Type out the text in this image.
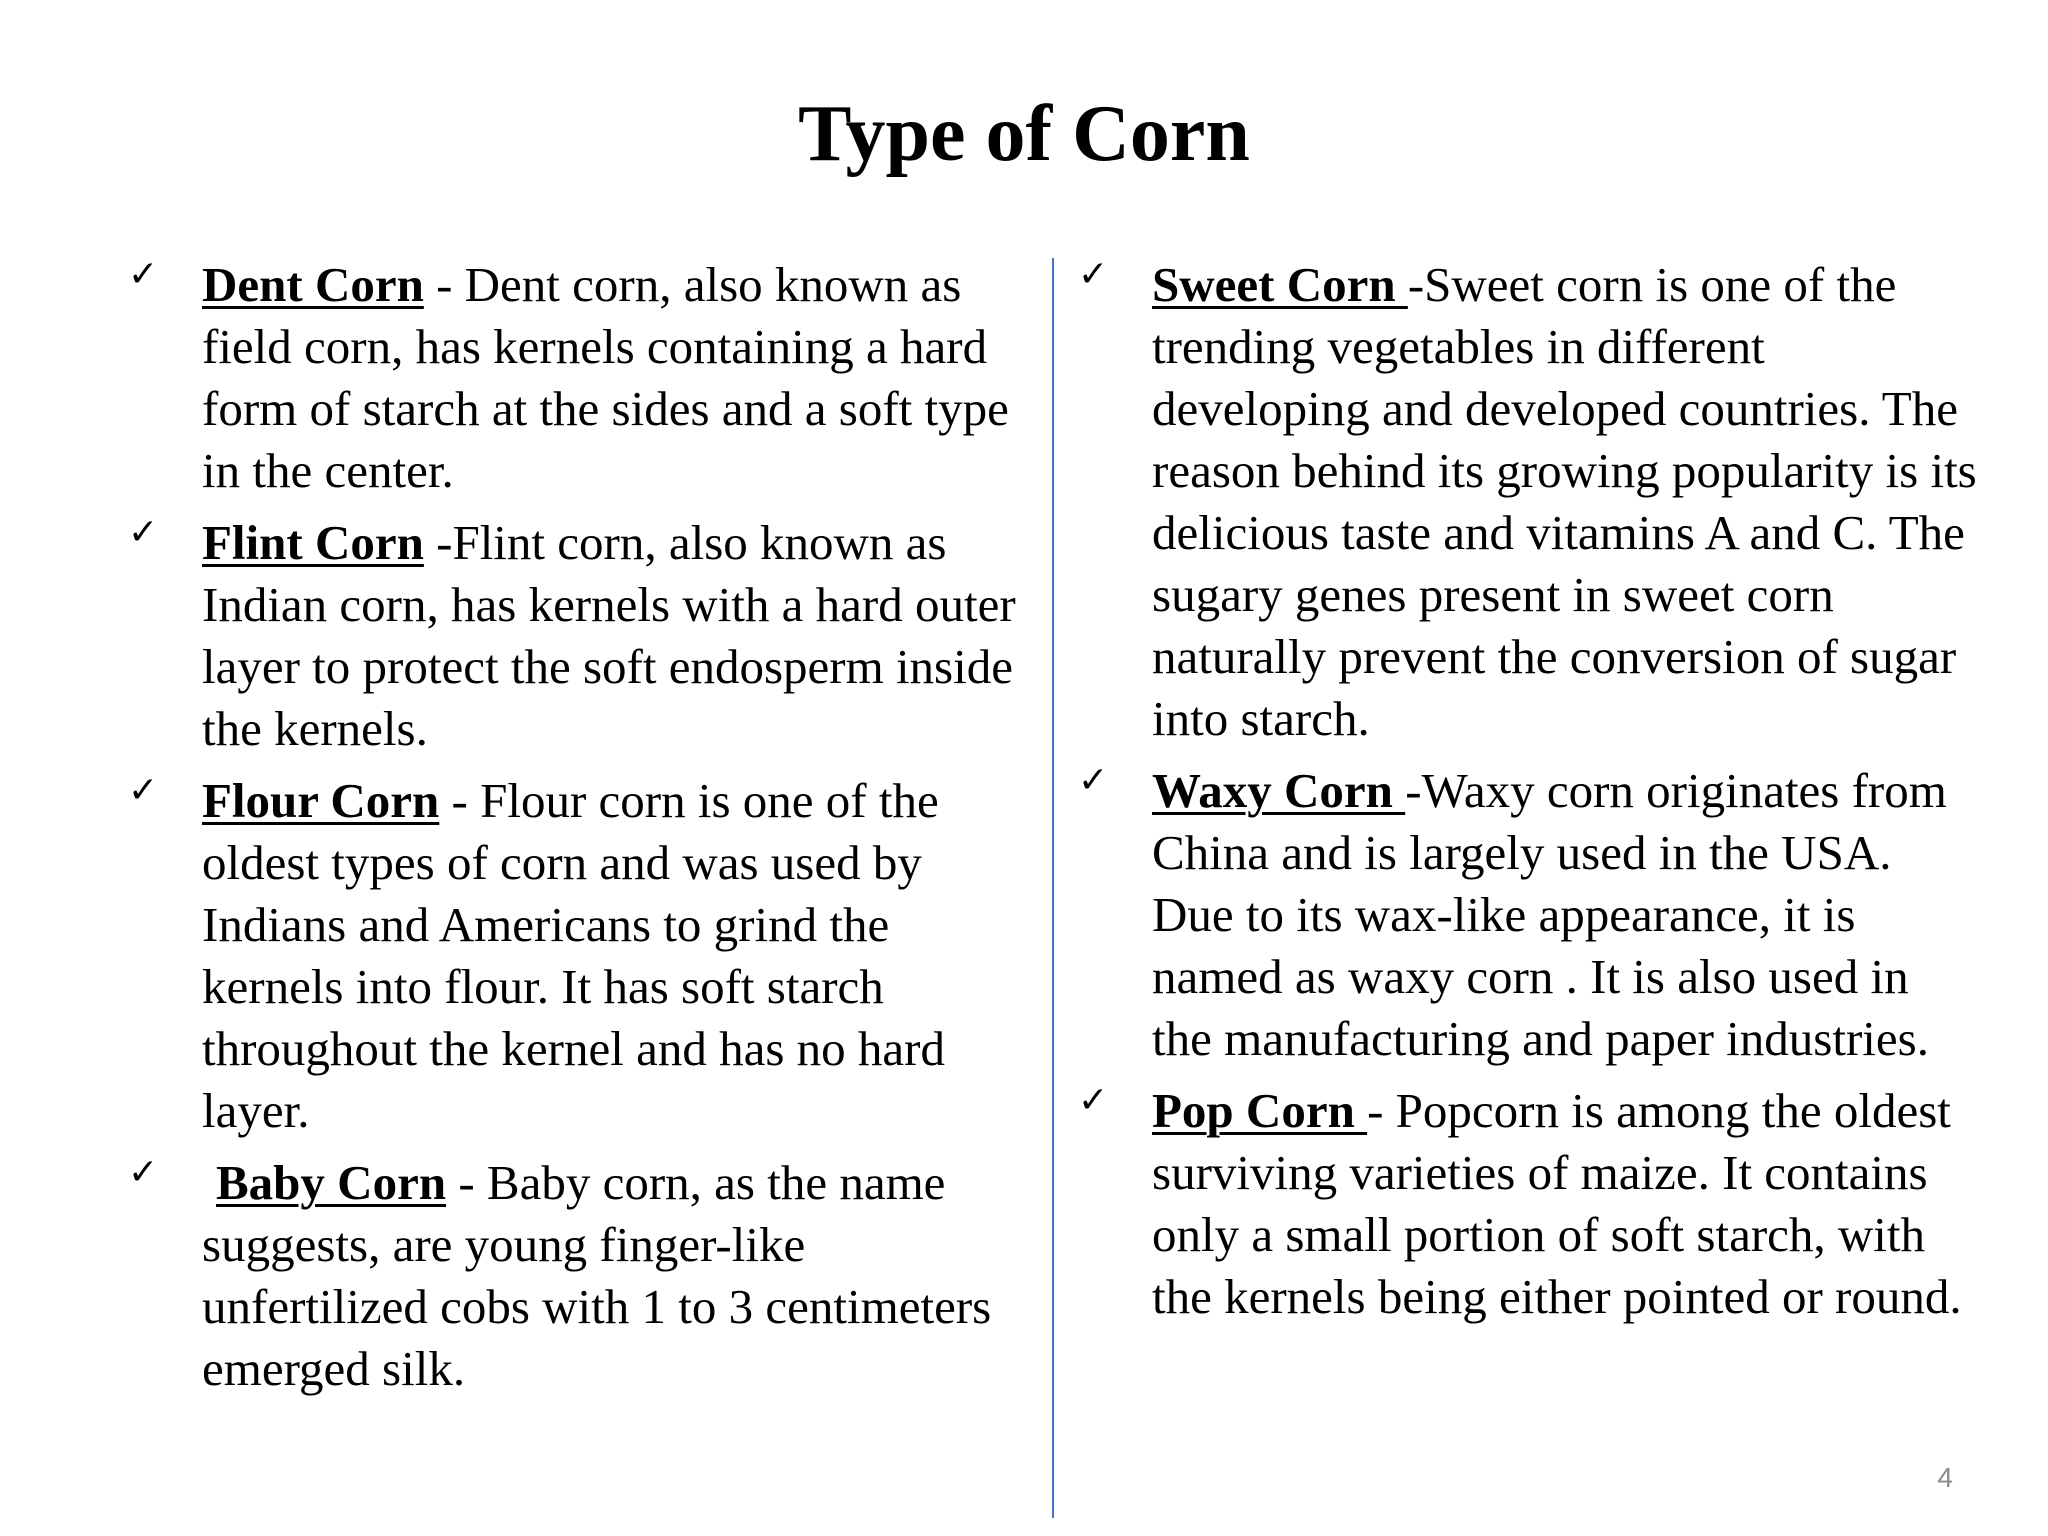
Type of Corn
✓ Dent Corn - Dent corn, also known as field corn, has kernels containing a hard form of starch at the sides and a soft type in the center.
✓ Flint Corn -Flint corn, also known as Indian corn, has kernels with a hard outer layer to protect the soft endosperm inside the kernels.
✓ Flour Corn - Flour corn is one of the oldest types of corn and was used by Indians and Americans to grind the kernels into flour. It has soft starch throughout the kernel and has no hard layer.
✓ Baby Corn - Baby corn, as the name suggests, are young finger-like unfertilized cobs with 1 to 3 centimeters emerged silk.
✓ Sweet Corn -Sweet corn is one of the trending vegetables in different developing and developed countries. The reason behind its growing popularity is its delicious taste and vitamins A and C. The sugary genes present in sweet corn naturally prevent the conversion of sugar into starch.
✓ Waxy Corn -Waxy corn originates from China and is largely used in the USA. Due to its wax-like appearance, it is named as waxy corn . It is also used in the manufacturing and paper industries.
✓ Pop Corn - Popcorn is among the oldest surviving varieties of maize. It contains only a small portion of soft starch, with the kernels being either pointed or round.
4
